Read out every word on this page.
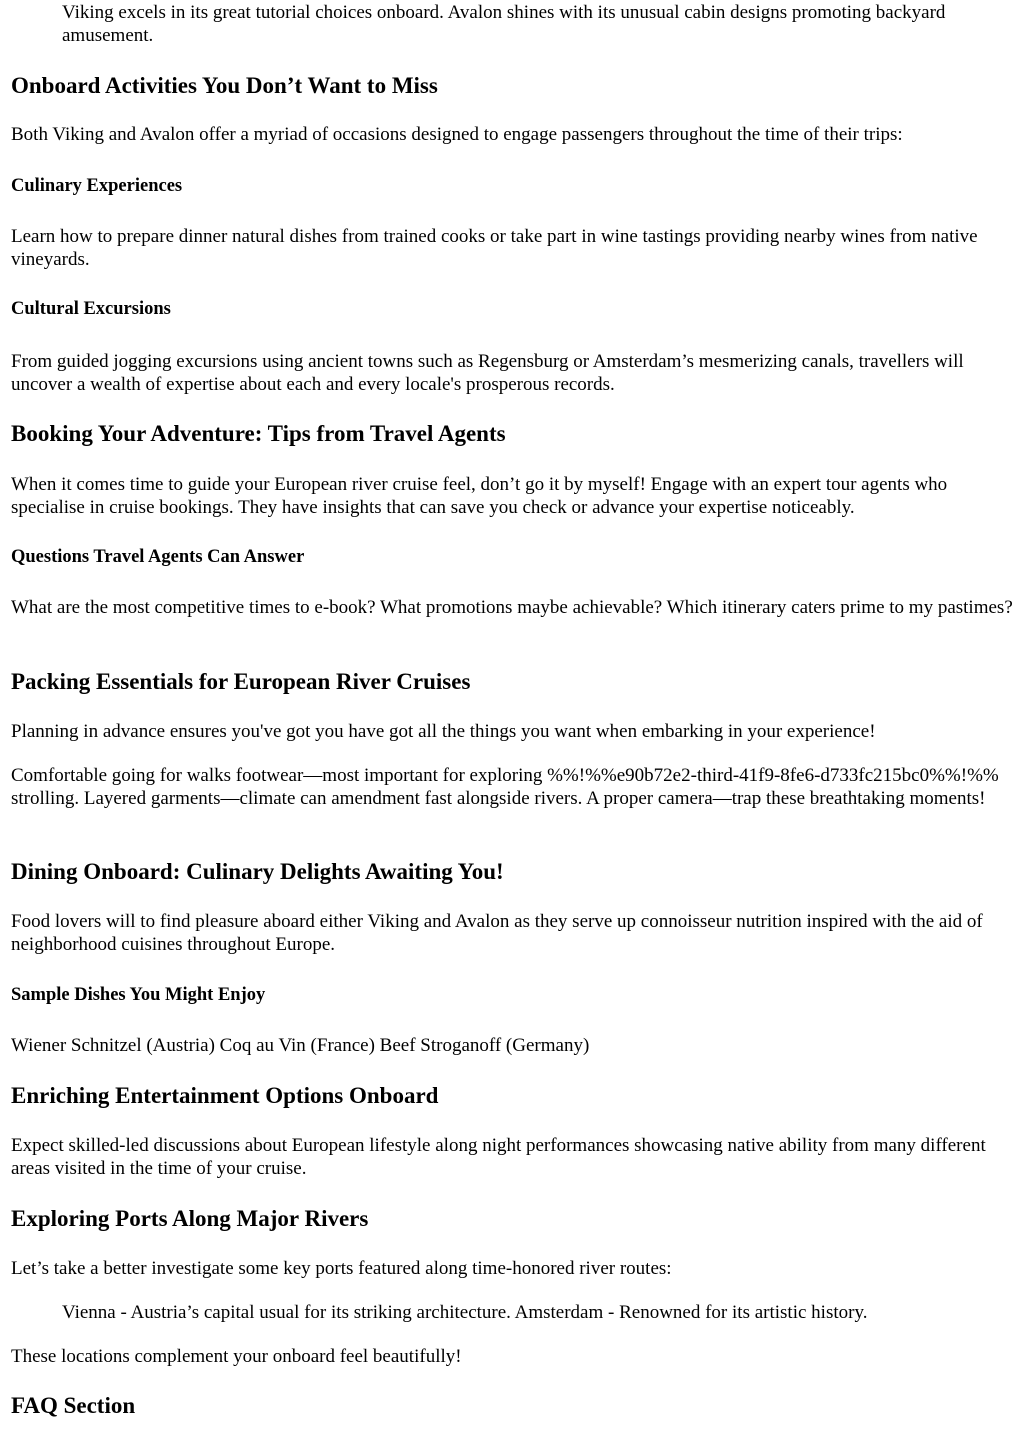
Viking excels in its great tutorial choices onboard. Avalon shines with its unusual cabin designs promoting backyard amusement.

Onboard Activities You Don’t Want to Miss

Both Viking and Avalon offer a myriad of occasions designed to engage passengers throughout the time of their trips:

Culinary Experiences

Learn how to prepare dinner natural dishes from trained cooks or take part in wine tastings providing nearby wines from native vineyards.

Cultural Excursions

From guided jogging excursions using ancient towns such as Regensburg or Amsterdam’s mesmerizing canals, travellers will uncover a wealth of expertise about each and every locale's prosperous records.

Booking Your Adventure: Tips from Travel Agents

When it comes time to guide your European river cruise feel, don’t go it by myself! Engage with an expert tour agents who specialise in cruise bookings. They have insights that can save you check or advance your expertise noticeably.

Questions Travel Agents Can Answer

What are the most competitive times to e-book? What promotions maybe achievable? Which itinerary caters prime to my pastimes?

Packing Essentials for European River Cruises

Planning in advance ensures you've got you have got all the things you want when embarking in your experience!

Comfortable going for walks footwear—most important for exploring %%!%%e90b72e2-third-41f9-8fe6-d733fc215bc0%%!%% strolling. Layered garments—climate can amendment fast alongside rivers. A proper camera—trap these breathtaking moments!

Dining Onboard: Culinary Delights Awaiting You!

Food lovers will to find pleasure aboard either Viking and Avalon as they serve up connoisseur nutrition inspired with the aid of neighborhood cuisines throughout Europe.

Sample Dishes You Might Enjoy

Wiener Schnitzel (Austria) Coq au Vin (France) Beef Stroganoff (Germany)

Enriching Entertainment Options Onboard

Expect skilled-led discussions about European lifestyle along night performances showcasing native ability from many different areas visited in the time of your cruise.

Exploring Ports Along Major Rivers

Let’s take a better investigate some key ports featured along time-honored river routes:

Vienna - Austria’s capital usual for its striking architecture. Amsterdam - Renowned for its artistic history.

These locations complement your onboard feel beautifully!

FAQ Section
